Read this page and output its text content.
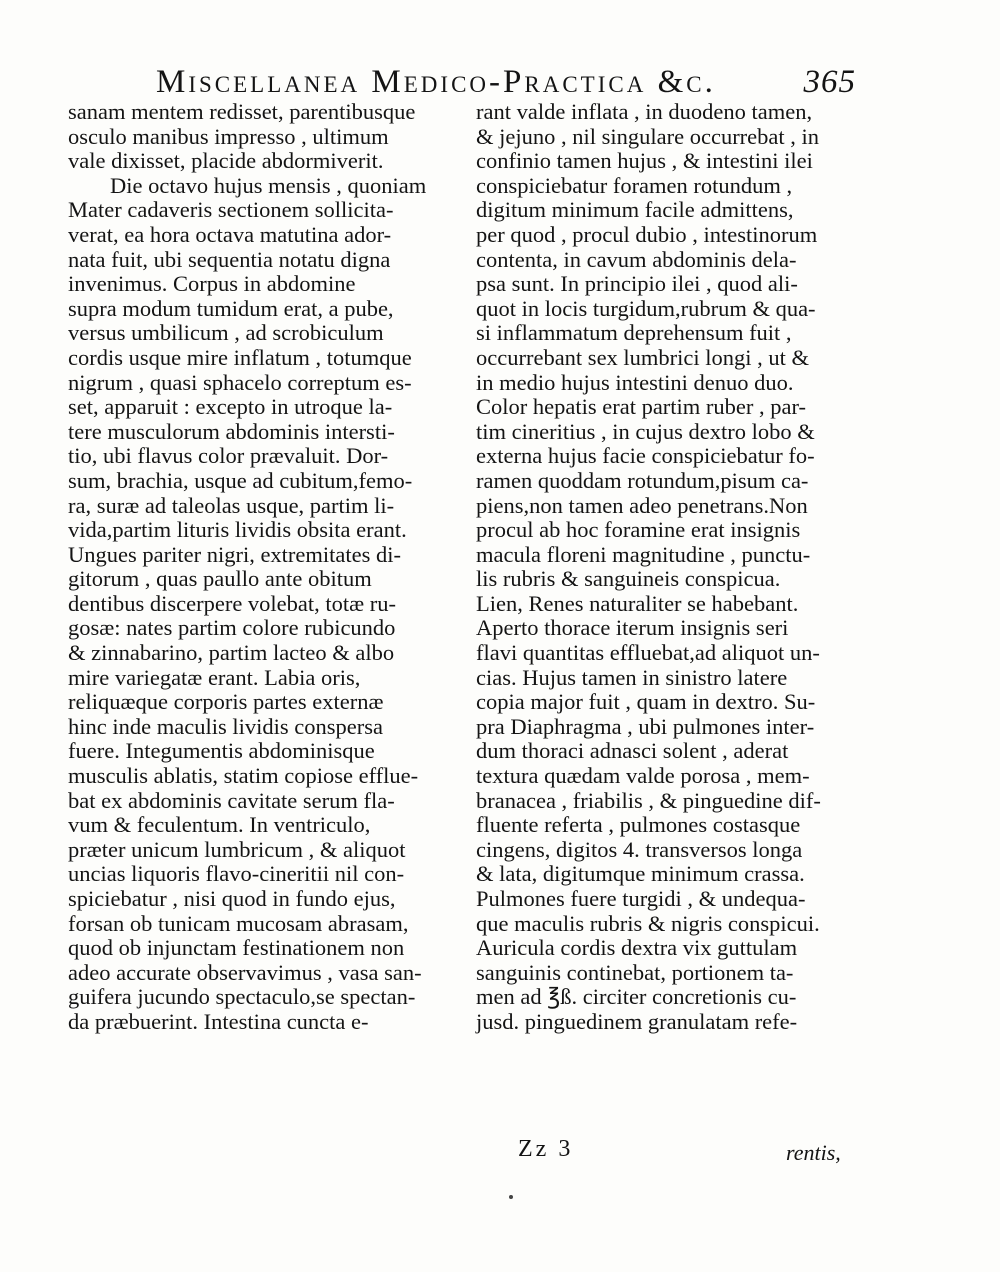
Miscellanea Medico-Practica &c.	365
sanam mentem redisset, parentibusque
osculo manibus impresso , ultimum
vale dixisset, placide abdormiverit.
Die octavo hujus mensis , quoniam
Mater cadaveris sectionem sollicita-
verat, ea hora octava matutina ador-
nata fuit, ubi sequentia notatu digna
invenimus. Corpus in abdomine
supra modum tumidum erat, a pube,
versus umbilicum , ad scrobiculum
cordis usque mire inflatum , totumque
nigrum , quasi sphacelo correptum es-
set, apparuit : excepto in utroque la-
tere musculorum abdominis intersti-
tio, ubi flavus color prævaluit. Dor-
sum, brachia, usque ad cubitum,femo-
ra, suræ ad taleolas usque, partim li-
vida,partim lituris lividis obsita erant.
Ungues pariter nigri, extremitates di-
gitorum , quas paullo ante obitum
dentibus discerpere volebat, totæ ru-
gosæ: nates partim colore rubicundo
& zinnabarino, partim lacteo & albo
mire variegatæ erant. Labia oris,
reliquæque corporis partes externæ
hinc inde maculis lividis conspersa
fuere. Integumentis abdominisque
musculis ablatis, statim copiose effluе-
bat ex abdominis cavitate serum fla-
vum & feculentum. In ventriculo,
præter unicum lumbricum , & aliquot
uncias liquoris flavo-cineritii nil con-
spiciebatur , nisi quod in fundo ejus,
forsan ob tunicam mucosam abrasam,
quod ob injunctam festinationem non
adeo accurate observavimus , vasa san-
guifera jucundo spectaculo,se spectan-
da præbuerint. Intestina cuncta e-
rant valde inflata , in duodeno tamen,
& jejuno , nil singulare occurrebat , in
confinio tamen hujus , & intestini ilei
conspiciebatur foramen rotundum ,
digitum minimum facile admittens,
per quod , procul dubio , intestinorum
contenta, in cavum abdominis dela-
psa sunt. In principio ilei , quod ali-
quot in locis turgidum,rubrum & qua-
si inflammatum deprehensum fuit ,
occurrebant sex lumbrici longi , ut &
in medio hujus intestini denuo duo.
Color hepatis erat partim ruber , par-
tim cineritius , in cujus dextro lobo &
externa hujus facie conspiciebatur fo-
ramen quoddam rotundum,pisum ca-
piens,non tamen adeo penetrans.Non
procul ab hoc foramine erat insignis
macula floreni magnitudine , punctu-
lis rubris & sanguineis conspicua.
Lien, Renes naturaliter se habebant.
Aperto thorace iterum insignis seri
flavi quantitas effluebat,ad aliquot un-
cias. Hujus tamen in sinistro latere
copia major fuit , quam in dextro. Su-
pra Diaphragma , ubi pulmones inter-
dum thoraci adnasci solent , aderat
textura quædam valde porosa , mem-
branacea , friabilis , & pinguedine dif-
fluente referta , pulmones costasque
cingens, digitos 4. transversos longa
& lata, digitumque minimum crassa.
Pulmones fuere turgidi , & undequa-
que maculis rubris & nigris conspicui.
Auricula cordis dextra vix guttulam
sanguinis continebat, portionem ta-
men ad ℥ß. circiter concretionis cu-
jusd. pinguedinem granulatam refe-
Zz 3	rentis,
